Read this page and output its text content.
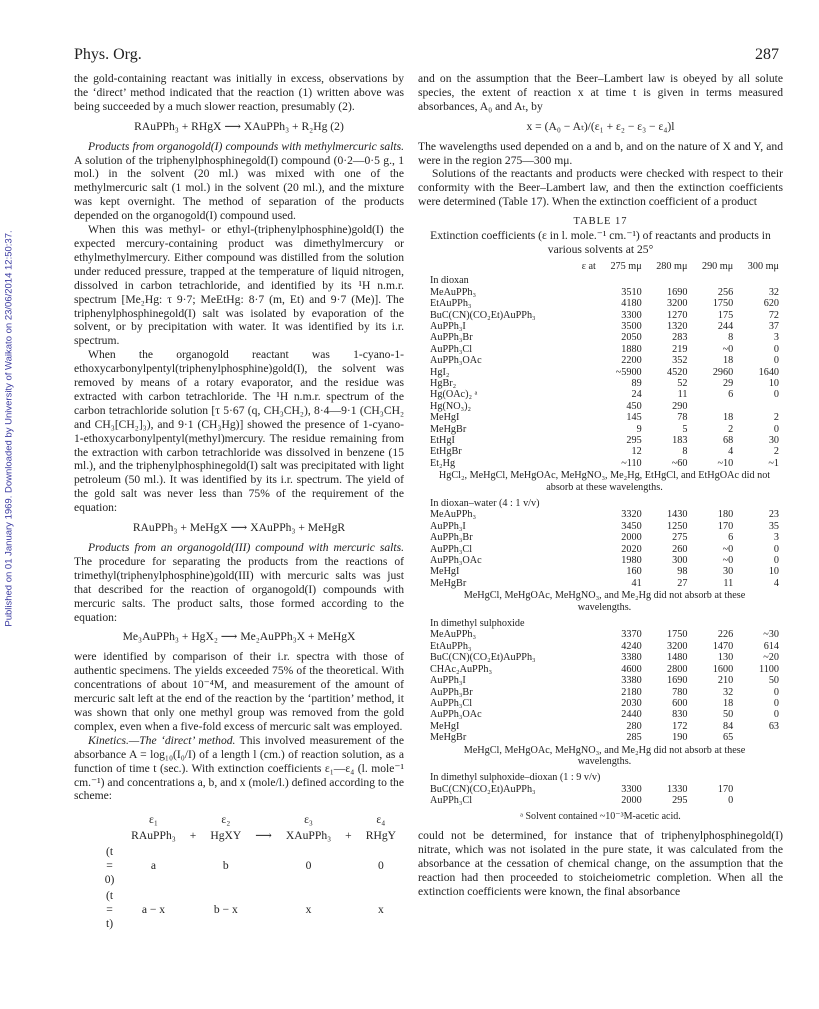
Phys. Org.	287
Published on 01 January 1969. Downloaded by University of Waikato on 23/06/2014 12:50:37.

the gold-containing reactant was initially in excess, observations by the ‘direct’ method indicated that the reaction (1) written above was being succeeded by a much slower reaction, presumably (2).

RAuPPh₃ + RHgX ⟶ XAuPPh₃ + R₂Hg (2)

Products from organogold(I) compounds with methylmercuric salts. A solution of the triphenylphosphinegold(I) compound (0·2—0·5 g., 1 mol.) in the solvent (20 ml.) was mixed with one of the methylmercuric salt (1 mol.) in the solvent (20 ml.), and the mixture was kept overnight. The method of separation of the products depended on the organogold(I) compound used.

When this was methyl- or ethyl-(triphenylphosphine)gold(I) the expected mercury-containing product was dimethylmercury or ethylmethylmercury. Either compound was distilled from the solution under reduced pressure, trapped at the temperature of liquid nitrogen, dissolved in carbon tetrachloride, and identified by its ¹H n.m.r. spectrum [Me₂Hg: τ 9·7; MeEtHg: 8·7 (m, Et) and 9·7 (Me)]. The triphenylphosphinegold(I) salt was isolated by evaporation of the solvent, or by precipitation with water. It was identified by its i.r. spectrum.

When the organogold reactant was 1-cyano-1-ethoxycarbonylpentyl(triphenylphosphine)gold(I), the solvent was removed by means of a rotary evaporator, and the residue was extracted with carbon tetrachloride. The ¹H n.m.r. spectrum of the carbon tetrachloride solution [τ 5·67 (q, CH₃CH₂), 8·4—9·1 (CH₃CH₂ and CH₃[CH₂]₃), and 9·1 (CH₃Hg)] showed the presence of 1-cyano-1-ethoxycarbonylpentyl(methyl)mercury. The residue remaining from the extraction with carbon tetrachloride was dissolved in benzene (15 ml.), and the triphenylphosphinegold(I) salt was precipitated with light petroleum (50 ml.). It was identified by its i.r. spectrum. The yield of the gold salt was never less than 75% of the requirement of the equation:

RAuPPh₃ + MeHgX ⟶ XAuPPh₃ + MeHgR

Products from an organogold(III) compound with mercuric salts. The procedure for separating the products from the reactions of trimethyl(triphenylphosphine)gold(III) with mercuric salts was just that described for the reaction of organogold(I) compounds with mercuric salts. The product salts, those formed according to the equation:

Me₃AuPPh₃ + HgX₂ ⟶ Me₂AuPPh₃X + MeHgX

were identified by comparison of their i.r. spectra with those of authentic specimens. The yields exceeded 75% of the theoretical. With concentrations of about 10⁻⁴M, and measurement of the amount of mercuric salt left at the end of the reaction by the ‘partition’ method, it was shown that only one methyl group was removed from the gold complex, even when a five-fold excess of mercuric salt was employed.

Kinetics.—The ‘direct’ method. This involved measurement of the absorbance A = log₁₀(I₀/I) of a length l (cm.) of reaction solution, as a function of time t (sec.). With extinction coefficients ε₁—ε₄ (l. mole⁻¹ cm.⁻¹) and concentrations a, b, and x (mole/l.) defined according to the scheme:

	ε₁		ε₂		ε₃		ε₄
	RAuPPh₃	+	HgXY	⟶	XAuPPh₃	+	RHgY
(t = 0)	a		b		0		0
(t = t)	a − x		b − x		x		x

and on the assumption that the Beer–Lambert law is obeyed by all solute species, the extent of reaction x at time t is given in terms measured absorbances, A₀ and Aₜ, by

x = (A₀ − Aₜ)/(ε₁ + ε₂ − ε₃ − ε₄)l

The wavelengths used depended on a and b, and on the nature of X and Y, and were in the region 275—300 mμ.

Solutions of the reactants and products were checked with respect to their conformity with the Beer–Lambert law, and then the extinction coefficients were determined (Table 17). When the extinction coefficient of a product

TABLE 17

Extinction coefficients (ε in l. mole.⁻¹ cm.⁻¹) of reactants and products in various solvents at 25°

	ε at	275 mμ	280 mμ	290 mμ	300 mμ
In dioxan					
MeAuPPh₃		3510	1690	256	32
EtAuPPh₃		4180	3200	1750	620
BuC(CN)(CO₂Et)AuPPh₃		3300	1270	175	72
AuPPh₃I		3500	1320	244	37
AuPPh₃Br		2050	283	8	3
AuPPh₃Cl		1880	219	~0	0
AuPPh₃OAc		2200	352	18	0
HgI₂		~5900	4520	2960	1640
HgBr₂		89	52	29	10
Hg(OAc)₂ ᵃ		24	11	6	0
Hg(NO₃)₂		450	290		
MeHgI		145	78	18	2
MeHgBr		9	5	2	0
EtHgI		295	183	68	30
EtHgBr		12	8	4	2
Et₂Hg		~110	~60	~10	~1
HgCl₂, MeHgCl, MeHgOAc, MeHgNO₃, Me₂Hg, EtHgCl, and EtHgOAc did not absorb at these wavelengths.					
In dioxan–water (4 : 1 v/v)					
MeAuPPh₃		3320	1430	180	23
AuPPh₃I		3450	1250	170	35
AuPPh₃Br		2000	275	6	3
AuPPh₃Cl		2020	260	~0	0
AuPPh₃OAc		1980	300	~0	0
MeHgI		160	98	30	10
MeHgBr		41	27	11	4
MeHgCl, MeHgOAc, MeHgNO₃, and Me₂Hg did not absorb at these wavelengths.					
In dimethyl sulphoxide					
MeAuPPh₃		3370	1750	226	~30
EtAuPPh₃		4240	3200	1470	614
BuC(CN)(CO₂Et)AuPPh₃		3380	1480	130	~20
CHAc₂AuPPh₃		4600	2800	1600	1100
AuPPh₃I		3380	1690	210	50
AuPPh₃Br		2180	780	32	0
AuPPh₃Cl		2030	600	18	0
AuPPh₃OAc		2440	830	50	0
MeHgI		280	172	84	63
MeHgBr		285	190	65	
MeHgCl, MeHgOAc, MeHgNO₃, and Me₂Hg did not absorb at these wavelengths.					
In dimethyl sulphoxide–dioxan (1 : 9 v/v)					
BuC(CN)(CO₂Et)AuPPh₃		3300	1330	170	
AuPPh₃Cl		2000	295	0	

ᵃ Solvent contained ~10⁻³M-acetic acid.

could not be determined, for instance that of triphenylphosphinegold(I) nitrate, which was not isolated in the pure state, it was calculated from the absorbance at the cessation of chemical change, on the assumption that the reaction had then proceeded to stoicheiometric completion. When all the extinction coefficients were known, the final absorbance
